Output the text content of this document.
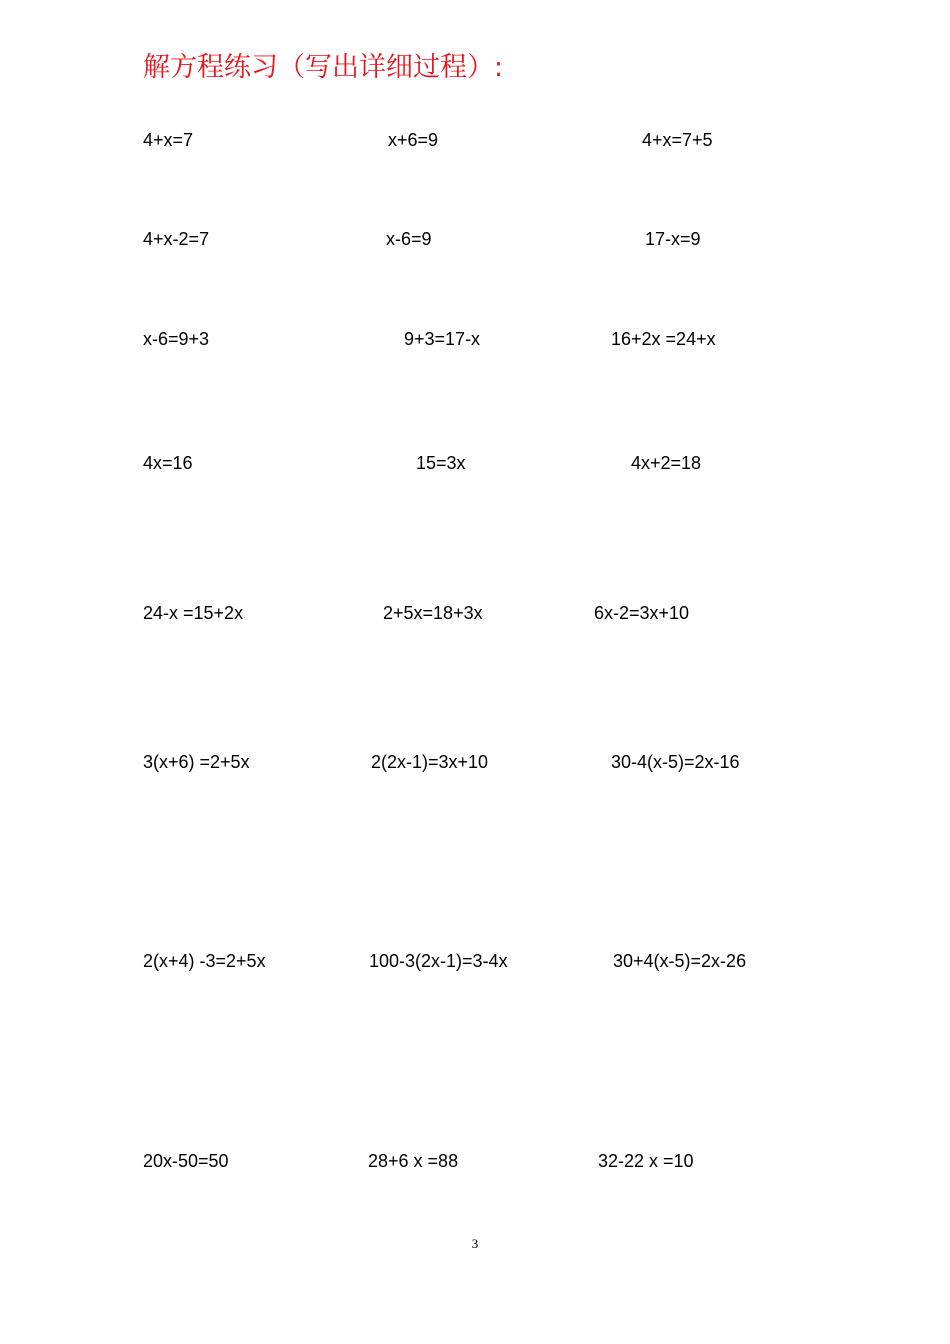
解方程练习（写出详细过程）:
4+x=7	x+6=9	4+x=7+5
4+x-2=7	x-6=9	17-x=9
x-6=9+3	9+3=17-x	16+2x =24+x
4x=16	15=3x	4x+2=18
24-x =15+2x	2+5x=18+3x	6x-2=3x+10
3(x+6) =2+5x	2(2x-1)=3x+10	30-4(x-5)=2x-16
2(x+4) -3=2+5x	100-3(2x-1)=3-4x	30+4(x-5)=2x-26
20x-50=50	28+6 x =88	32-22 x =10
3
